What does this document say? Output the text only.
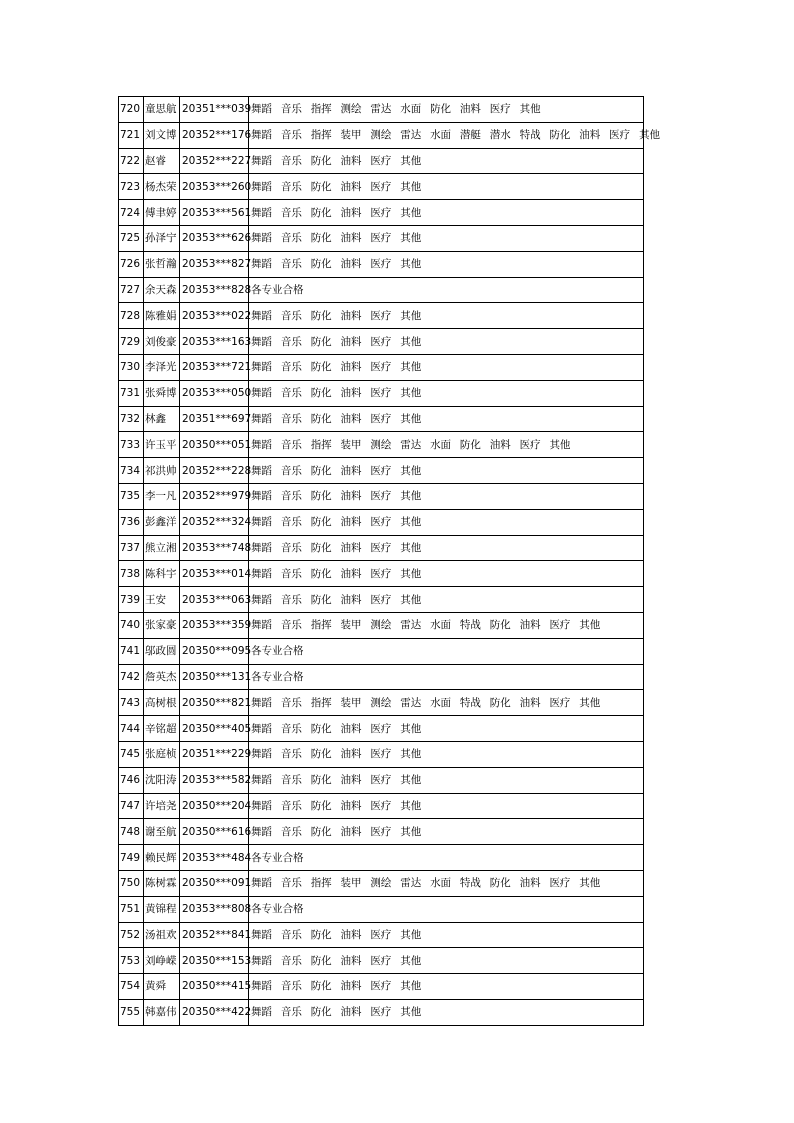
720	童思航	20351***039	舞蹈 音乐 指挥 测绘 雷达 水面 防化 油料 医疗 其他
721	刘文博	20352***176	舞蹈 音乐 指挥 装甲 测绘 雷达 水面 潜艇 潜水 特战 防化 油料 医疗 其他
722	赵睿	20352***227	舞蹈 音乐 防化 油料 医疗 其他
723	杨杰荣	20353***260	舞蹈 音乐 防化 油料 医疗 其他
724	傅聿婷	20353***561	舞蹈 音乐 防化 油料 医疗 其他
725	孙泽宁	20353***626	舞蹈 音乐 防化 油料 医疗 其他
726	张哲瀚	20353***827	舞蹈 音乐 防化 油料 医疗 其他
727	余天森	20353***828	各专业合格
728	陈雅娟	20353***022	舞蹈 音乐 防化 油料 医疗 其他
729	刘俊豪	20353***163	舞蹈 音乐 防化 油料 医疗 其他
730	李泽光	20353***721	舞蹈 音乐 防化 油料 医疗 其他
731	张舜博	20353***050	舞蹈 音乐 防化 油料 医疗 其他
732	林鑫	20351***697	舞蹈 音乐 防化 油料 医疗 其他
733	许玉平	20350***051	舞蹈 音乐 指挥 装甲 测绘 雷达 水面 防化 油料 医疗 其他
734	祁洪帅	20352***228	舞蹈 音乐 防化 油料 医疗 其他
735	李一凡	20352***979	舞蹈 音乐 防化 油料 医疗 其他
736	彭鑫洋	20352***324	舞蹈 音乐 防化 油料 医疗 其他
737	熊立湘	20353***748	舞蹈 音乐 防化 油料 医疗 其他
738	陈科宇	20353***014	舞蹈 音乐 防化 油料 医疗 其他
739	王安	20353***063	舞蹈 音乐 防化 油料 医疗 其他
740	张家豪	20353***359	舞蹈 音乐 指挥 装甲 测绘 雷达 水面 特战 防化 油料 医疗 其他
741	邬政圆	20350***095	各专业合格
742	詹英杰	20350***131	各专业合格
743	高树根	20350***821	舞蹈 音乐 指挥 装甲 测绘 雷达 水面 特战 防化 油料 医疗 其他
744	辛铭超	20350***405	舞蹈 音乐 防化 油料 医疗 其他
745	张庭桢	20351***229	舞蹈 音乐 防化 油料 医疗 其他
746	沈阳涛	20353***582	舞蹈 音乐 防化 油料 医疗 其他
747	许培尧	20350***204	舞蹈 音乐 防化 油料 医疗 其他
748	谢至航	20350***616	舞蹈 音乐 防化 油料 医疗 其他
749	赖民辉	20353***484	各专业合格
750	陈树霖	20350***091	舞蹈 音乐 指挥 装甲 测绘 雷达 水面 特战 防化 油料 医疗 其他
751	黄锦程	20353***808	各专业合格
752	汤祖欢	20352***841	舞蹈 音乐 防化 油料 医疗 其他
753	刘峥嵘	20350***153	舞蹈 音乐 防化 油料 医疗 其他
754	黄舜	20350***415	舞蹈 音乐 防化 油料 医疗 其他
755	韩嘉伟	20350***422	舞蹈 音乐 防化 油料 医疗 其他
